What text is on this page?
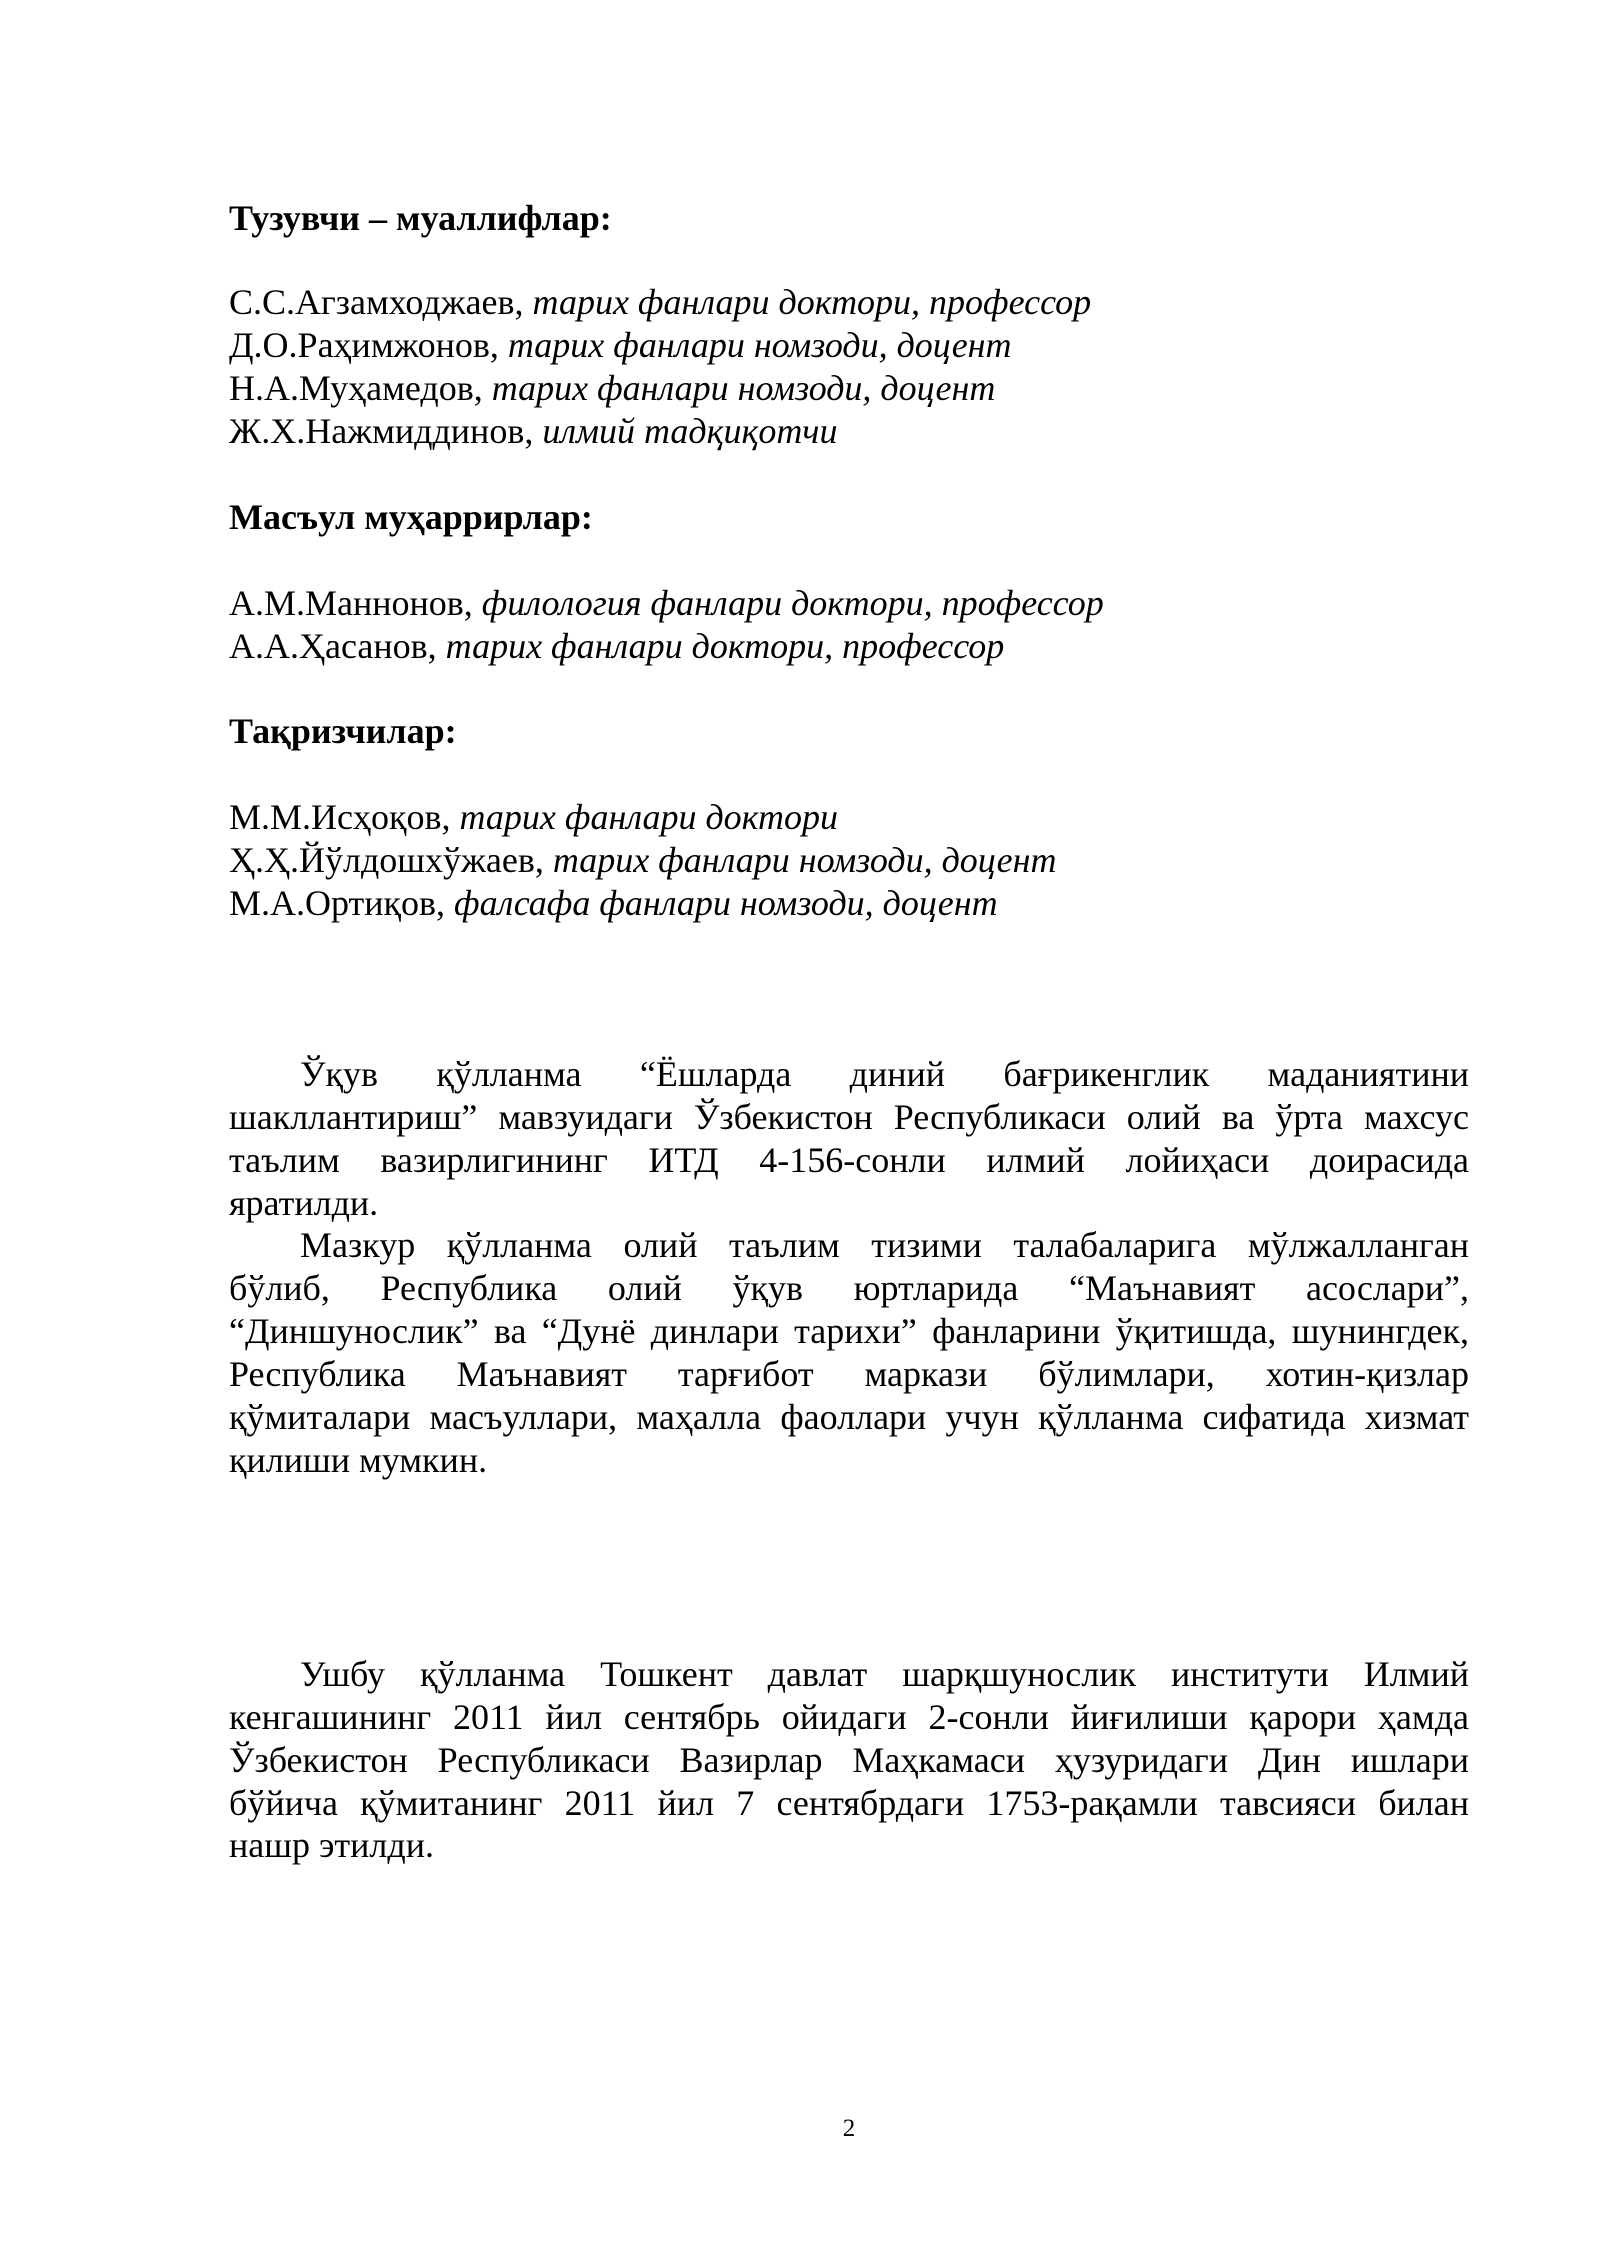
Тузувчи – муаллифлар:
С.С.Агзамходжаев, тарих фанлари доктори, профессор
Д.О.Раҳимжонов, тарих фанлари номзоди, доцент
Н.А.Муҳамедов, тарих фанлари номзоди, доцент
Ж.Х.Нажмиддинов, илмий тадқиқотчи
Масъул муҳаррирлар:
А.М.Маннонов, филология фанлари доктори, профессор
А.А.Ҳасанов, тарих фанлари доктори, профессор
Тақризчилар:
М.М.Исҳоқов, тарих фанлари доктори
Ҳ.Ҳ.Йўлдошхўжаев, тарих фанлари номзоди, доцент
М.А.Ортиқов, фалсафа фанлари номзоди, доцент
Ўқув қўлланма “Ёшларда диний бағрикенглик маданиятини
шакллантириш” мавзуидаги Ўзбекистон Республикаси олий ва ўрта махсус
таълим вазирлигининг ИТД 4-156-сонли илмий лойиҳаси доирасида
яратилди.
Мазкур қўлланма олий таълим тизими талабаларига мўлжалланган
бўлиб, Республика олий ўқув юртларида “Маънавият асослари”,
“Диншунослик” ва “Дунё динлари тарихи” фанларини ўқитишда, шунингдек,
Республика Маънавият тарғибот маркази бўлимлари, хотин-қизлар
қўмиталари масъуллари, маҳалла фаоллари учун қўлланма сифатида хизмат
қилиши мумкин.
Ушбу қўлланма Тошкент давлат шарқшунослик институти Илмий
кенгашининг 2011 йил сентябрь ойидаги 2-сонли йиғилиши қарори ҳамда
Ўзбекистон Республикаси Вазирлар Маҳкамаси ҳузуридаги Дин ишлари
бўйича қўмитанинг 2011 йил 7 сентябрдаги 1753-рақамли тавсияси билан
нашр этилди.
2
